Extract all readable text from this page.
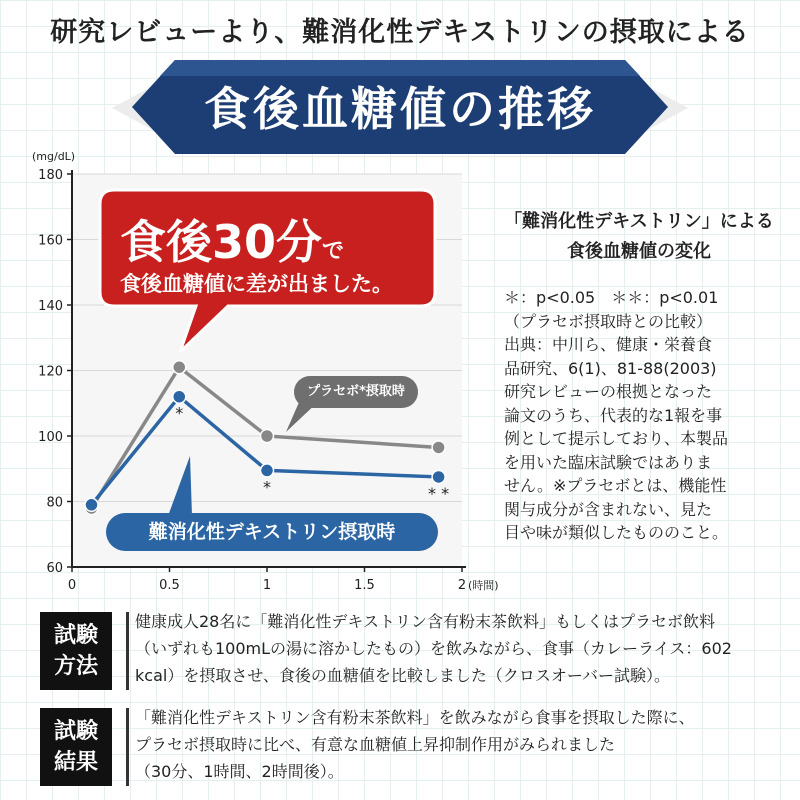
研究レビューより、難消化性デキストリンの摂取による
食後血糖値の推移
60
80
100
120
140
160
180
0	0.5	1	1.5	2
(mg/dL)
(時間)
*
*	* *
食後30分で
食後血糖値に差が出ました。
プラセボ*摂取時
難消化性デキストリン摂取時
「難消化性デキストリン」による
食後血糖値の変化
＊：p<0.05　＊＊：p<0.01
（プラセボ摂取時との比較）
出典：中川ら、健康・栄養食
品研究、6(1)、81-88(2003)
研究レビューの根拠となった
論文のうち、代表的な1報を事
例として提示しており、本製品
を用いた臨床試験ではありま
せん。※プラセボとは、機能性
関与成分が含まれない、見た
目や味が類似したもののこと。
試験
方法
健康成人28名に「難消化性デキストリン含有粉末茶飲料」もしくはプラセボ飲料
（いずれも100mLの湯に溶かしたもの）を飲みながら、食事（カレーライス：602
kcal）を摂取させ、食後の血糖値を比較しました（クロスオーバー試験）。
試験
結果
「難消化性デキストリン含有粉末茶飲料」を飲みながら食事を摂取した際に、
プラセボ摂取時に比べ、有意な血糖値上昇抑制作用がみられました
（30分、1時間、2時間後）。
